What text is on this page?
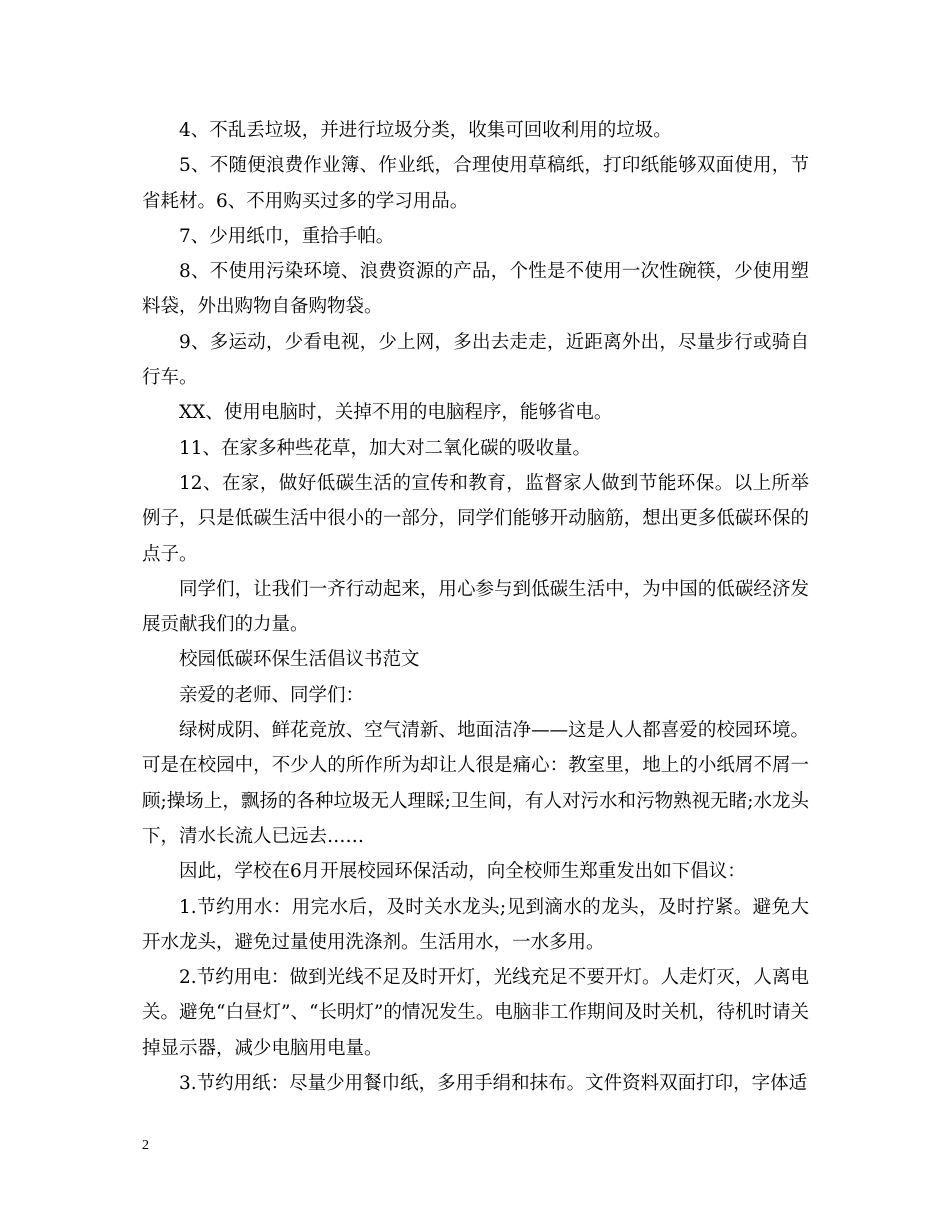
4、不乱丢垃圾，并进行垃圾分类，收集可回收利用的垃圾。

5、不随便浪费作业簿、作业纸，合理使用草稿纸，打印纸能够双面使用，节省耗材。6、不用购买过多的学习用品。

7、少用纸巾，重拾手帕。

8、不使用污染环境、浪费资源的产品，个性是不使用一次性碗筷，少使用塑料袋，外出购物自备购物袋。

9、多运动，少看电视，少上网，多出去走走，近距离外出，尽量步行或骑自行车。

XX、使用电脑时，关掉不用的电脑程序，能够省电。

11、在家多种些花草，加大对二氧化碳的吸收量。

12、在家，做好低碳生活的宣传和教育，监督家人做到节能环保。以上所举例子，只是低碳生活中很小的一部分，同学们能够开动脑筋，想出更多低碳环保的点子。

同学们，让我们一齐行动起来，用心参与到低碳生活中，为中国的低碳经济发展贡献我们的力量。

校园低碳环保生活倡议书范文

亲爱的老师、同学们：

绿树成阴、鲜花竞放、空气清新、地面洁净——这是人人都喜爱的校园环境。可是在校园中，不少人的所作所为却让人很是痛心：教室里，地上的小纸屑不屑一顾;操场上，飘扬的各种垃圾无人理睬;卫生间，有人对污水和污物熟视无睹;水龙头下，清水长流人已远去……

因此，学校在6月开展校园环保活动，向全校师生郑重发出如下倡议：

1.节约用水：用完水后，及时关水龙头;见到滴水的龙头，及时拧紧。避免大开水龙头，避免过量使用洗涤剂。生活用水，一水多用。

2.节约用电：做到光线不足及时开灯，光线充足不要开灯。人走灯灭，人离电关。避免“白昼灯”、“长明灯”的情况发生。电脑非工作期间及时关机，待机时请关掉显示器，减少电脑用电量。

3.节约用纸：尽量少用餐巾纸，多用手绢和抹布。文件资料双面打印，字体适

2
